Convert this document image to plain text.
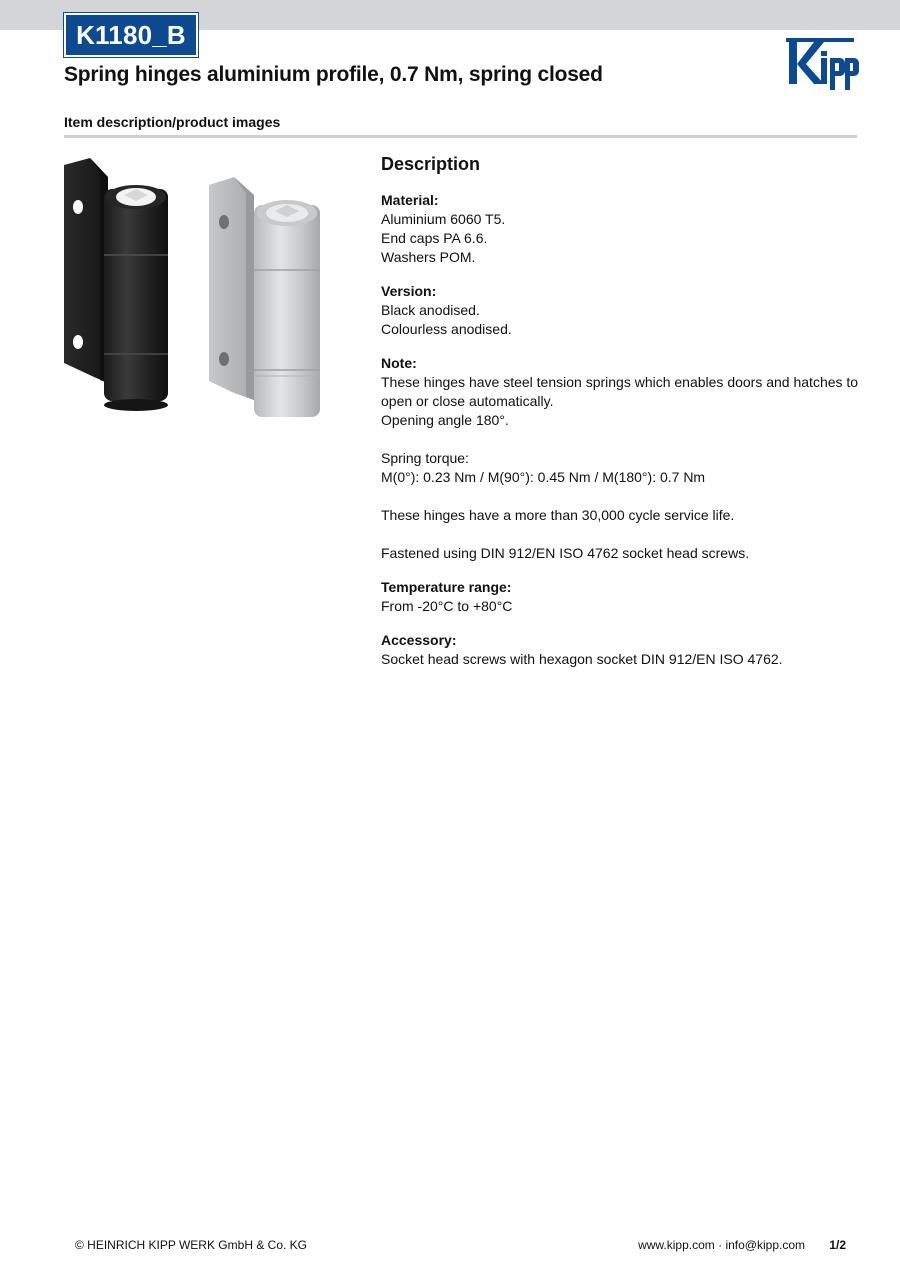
K1180_B
Spring hinges aluminium profile, 0.7 Nm, spring closed
Item description/product images
Description
Material:
Aluminium 6060 T5.
End caps PA 6.6.
Washers POM.
Version:
Black anodised.
Colourless anodised.
Note:
These hinges have steel tension springs which enables doors and hatches to open or close automatically.
Opening angle 180°.
Spring torque:
M(0°): 0.23 Nm / M(90°): 0.45 Nm / M(180°): 0.7 Nm
These hinges have a more than 30,000 cycle service life.
Fastened using DIN 912/EN ISO 4762 socket head screws.
Temperature range:
From -20°C to +80°C
Accessory:
Socket head screws with hexagon socket DIN 912/EN ISO 4762.
© HEINRICH KIPP WERK GmbH & Co. KG	www.kipp.com · info@kipp.com 1/2
